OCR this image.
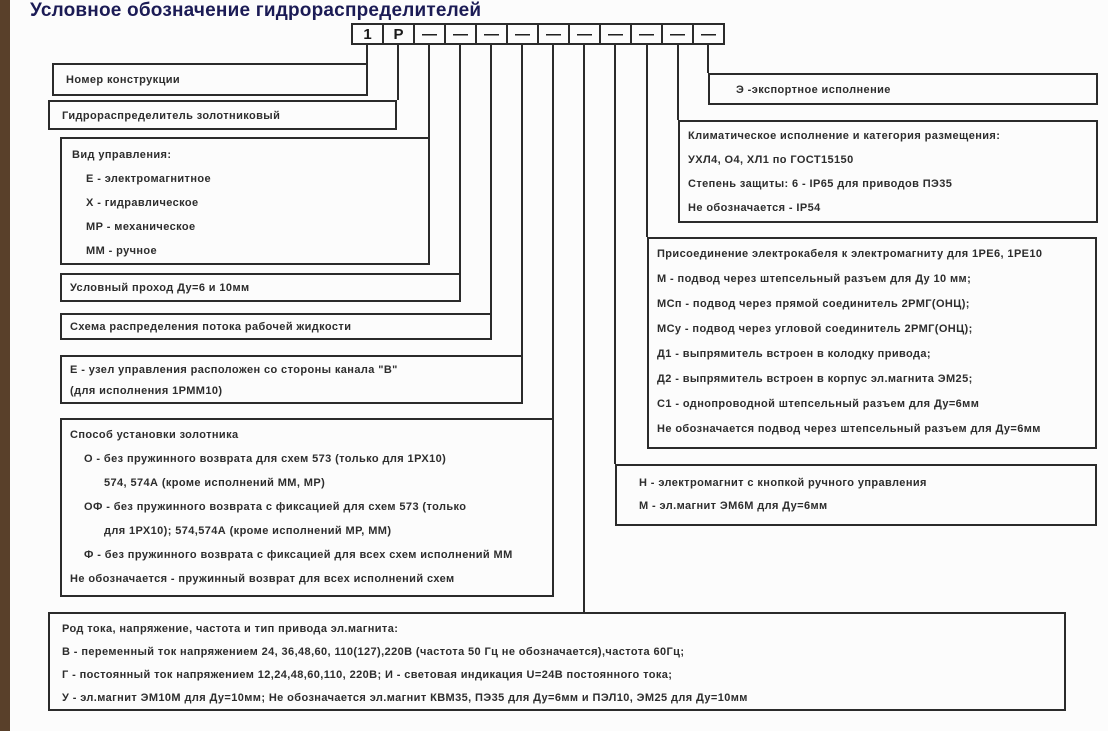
Условное обозначение гидрораспределителей
1	Р	—	—	—	—	—	—	—	—	—	—
Номер конструкции
Гидрораспределитель золотниковый
Вид управления:
Е - электромагнитное
Х - гидравлическое
МР - механическое
ММ - ручное
Условный проход Ду=6 и 10мм
Схема распределения потока рабочей жидкости
Е - узел управления расположен со стороны канала "В"
(для исполнения 1РММ10)
Способ установки золотника
О - без пружинного возврата для схем 573 (только для 1РХ10)
574, 574А (кроме исполнений ММ, МР)
ОФ - без пружинного возврата с фиксацией для схем 573 (только
для 1РХ10); 574,574А (кроме исполнений МР, ММ)
Ф - без пружинного возврата с фиксацией для всех схем исполнений ММ
Не обозначается - пружинный возврат для всех исполнений схем
Род тока, напряжение, частота и тип привода эл.магнита:
В - переменный ток напряжением 24, 36,48,60, 110(127),220В (частота 50 Гц не обозначается),частота 60Гц;
Г - постоянный ток напряжением 12,24,48,60,110, 220В; И - световая индикация U=24В постоянного тока;
У - эл.магнит ЭМ10М для Ду=10мм; Не обозначается эл.магнит КВМ35, ПЭ35 для Ду=6мм и ПЭЛ10, ЭМ25 для Ду=10мм
Э -экспортное исполнение
Климатическое исполнение и категория размещения:
УХЛ4, О4, ХЛ1 по ГОСТ15150
Степень защиты: 6 - IP65 для приводов ПЭ35
Не обозначается - IP54
Присоединение электрокабеля к электромагниту для 1РЕ6, 1РЕ10
М - подвод через штепсельный разъем для Ду 10 мм;
МСп - подвод через прямой соединитель 2РМГ(ОНЦ);
МСу - подвод через угловой соединитель 2РМГ(ОНЦ);
Д1 - выпрямитель встроен в колодку привода;
Д2 - выпрямитель встроен в корпус эл.магнита ЭМ25;
С1 - однопроводной штепсельный разъем для Ду=6мм
Не обозначается подвод через штепсельный разъем для Ду=6мм
Н - электромагнит с кнопкой ручного управления
М - эл.магнит ЭМ6М для Ду=6мм
